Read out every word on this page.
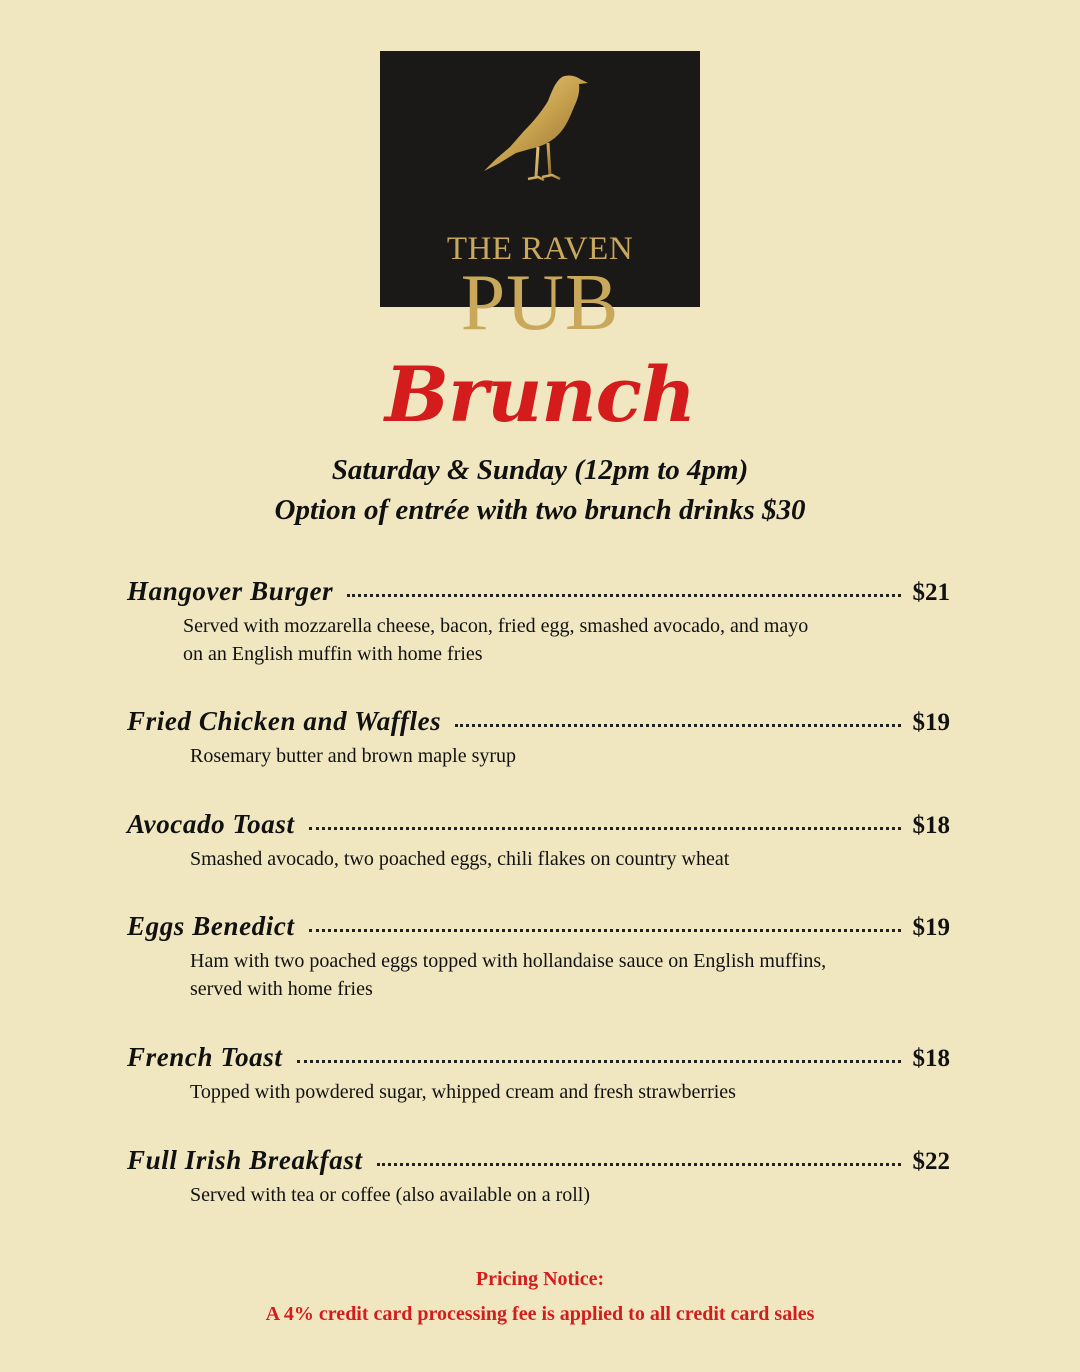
THE RAVEN
PUB
Brunch
Saturday & Sunday (12pm to 4pm)
Option of entrée with two brunch drinks $30
Hangover Burger	$21
Served with mozzarella cheese, bacon, fried egg, smashed avocado, and mayo
on an English muffin with home fries
Fried Chicken and Waffles	$19
Rosemary butter and brown maple syrup
Avocado Toast	$18
Smashed avocado, two poached eggs, chili flakes on country wheat
Eggs Benedict	$19
Ham with two poached eggs topped with hollandaise sauce on English muffins,
served with home fries
French Toast	$18
Topped with powdered sugar, whipped cream and fresh strawberries
Full Irish Breakfast	$22
Served with tea or coffee (also available on a roll)
Pricing Notice:
A 4% credit card processing fee is applied to all credit card sales
